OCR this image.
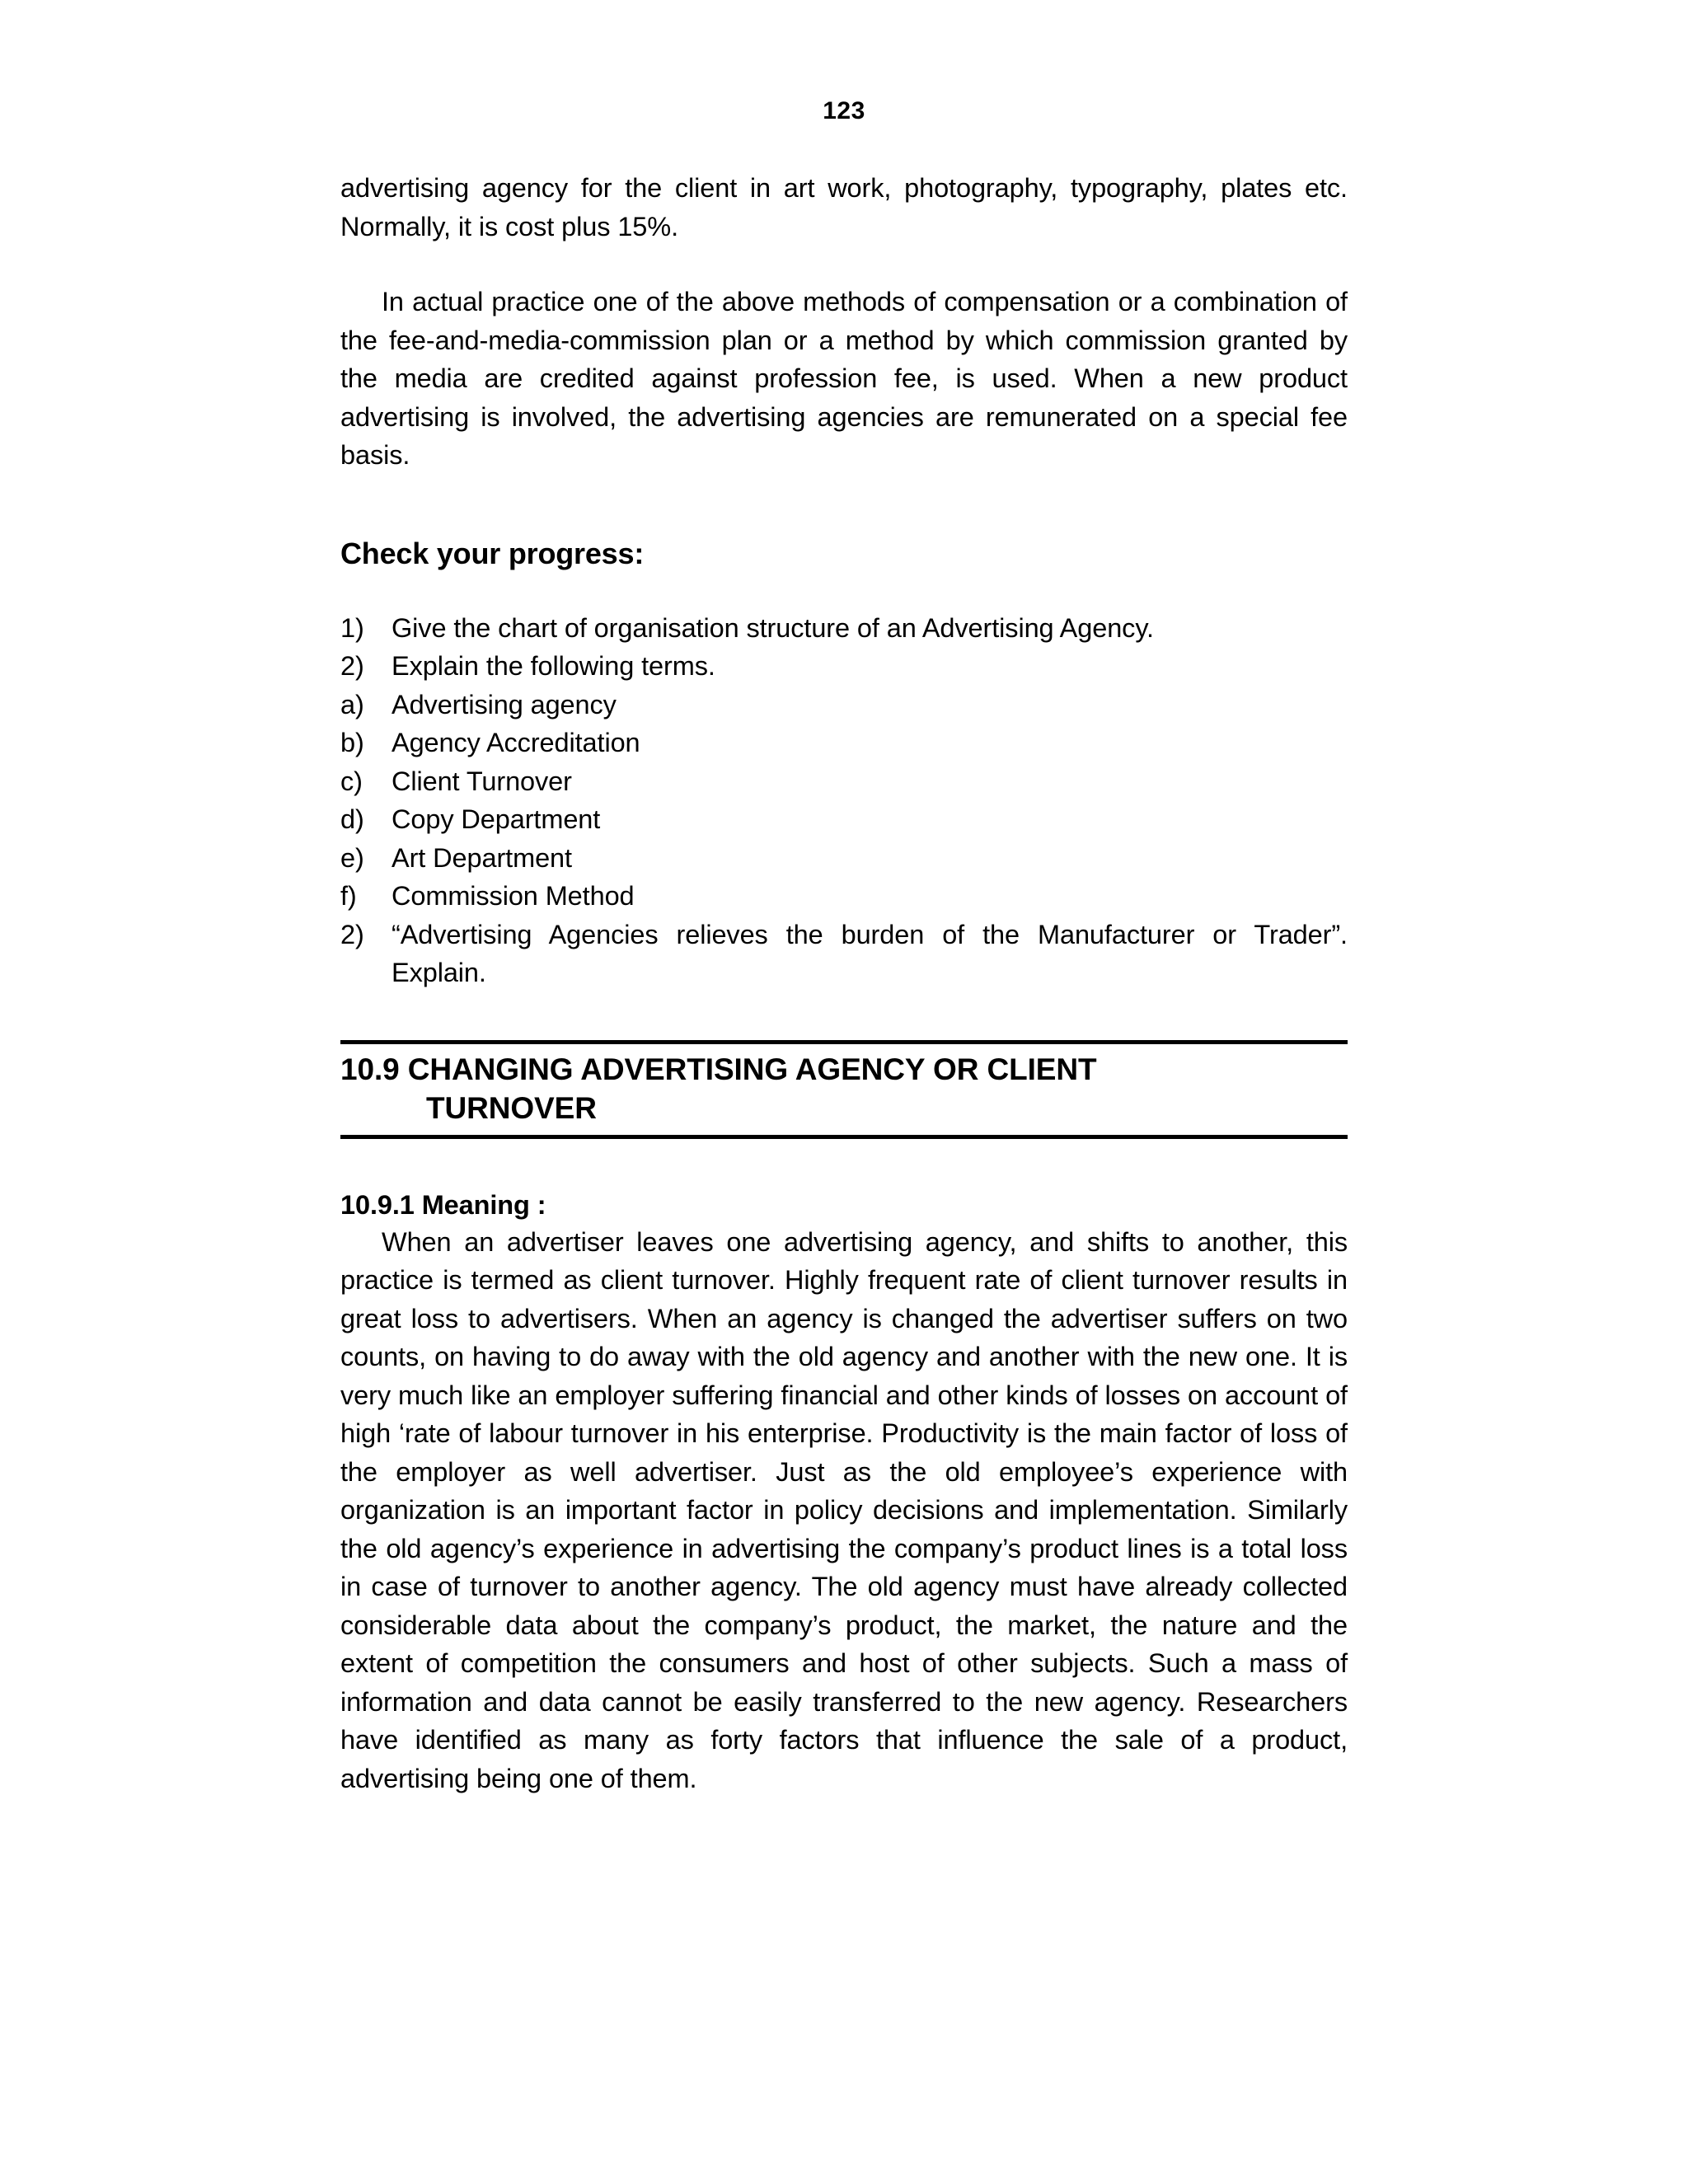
123

advertising agency for the client in art work, photography, typography, plates etc. Normally, it is cost plus 15%.

In actual practice one of the above methods of compensation or a combination of the fee-and-media-commission plan or a method by which commission granted by the media are credited against profession fee, is used. When a new product advertising is involved, the advertising agencies are remunerated on a special fee basis.

Check your progress:
1)	Give the chart of organisation structure of an Advertising Agency.
2)	Explain the following terms.
a)	Advertising agency
b)	Agency Accreditation
c)	Client Turnover
d)	Copy Department
e)	Art Department
f)	Commission Method
2)	“Advertising Agencies relieves the burden of the Manufacturer or Trader”. Explain.
10.9 CHANGING ADVERTISING AGENCY OR CLIENT
TURNOVER
10.9.1 Meaning :

When an advertiser leaves one advertising agency, and shifts to another, this practice is termed as client turnover. Highly frequent rate of client turnover results in great loss to advertisers. When an agency is changed the advertiser suffers on two counts, on having to do away with the old agency and another with the new one. It is very much like an employer suffering financial and other kinds of losses on account of high ‘rate of labour turnover in his enterprise. Productivity is the main factor of loss of the employer as well advertiser. Just as the old employee’s experience with organization is an important factor in policy decisions and implementation. Similarly the old agency’s experience in advertising the company’s product lines is a total loss in case of turnover to another agency. The old agency must have already collected considerable data about the company’s product, the market, the nature and the extent of competition the consumers and host of other subjects. Such a mass of information and data cannot be easily transferred to the new agency. Researchers have identified as many as forty factors that influence the sale of a product, advertising being one of them.
